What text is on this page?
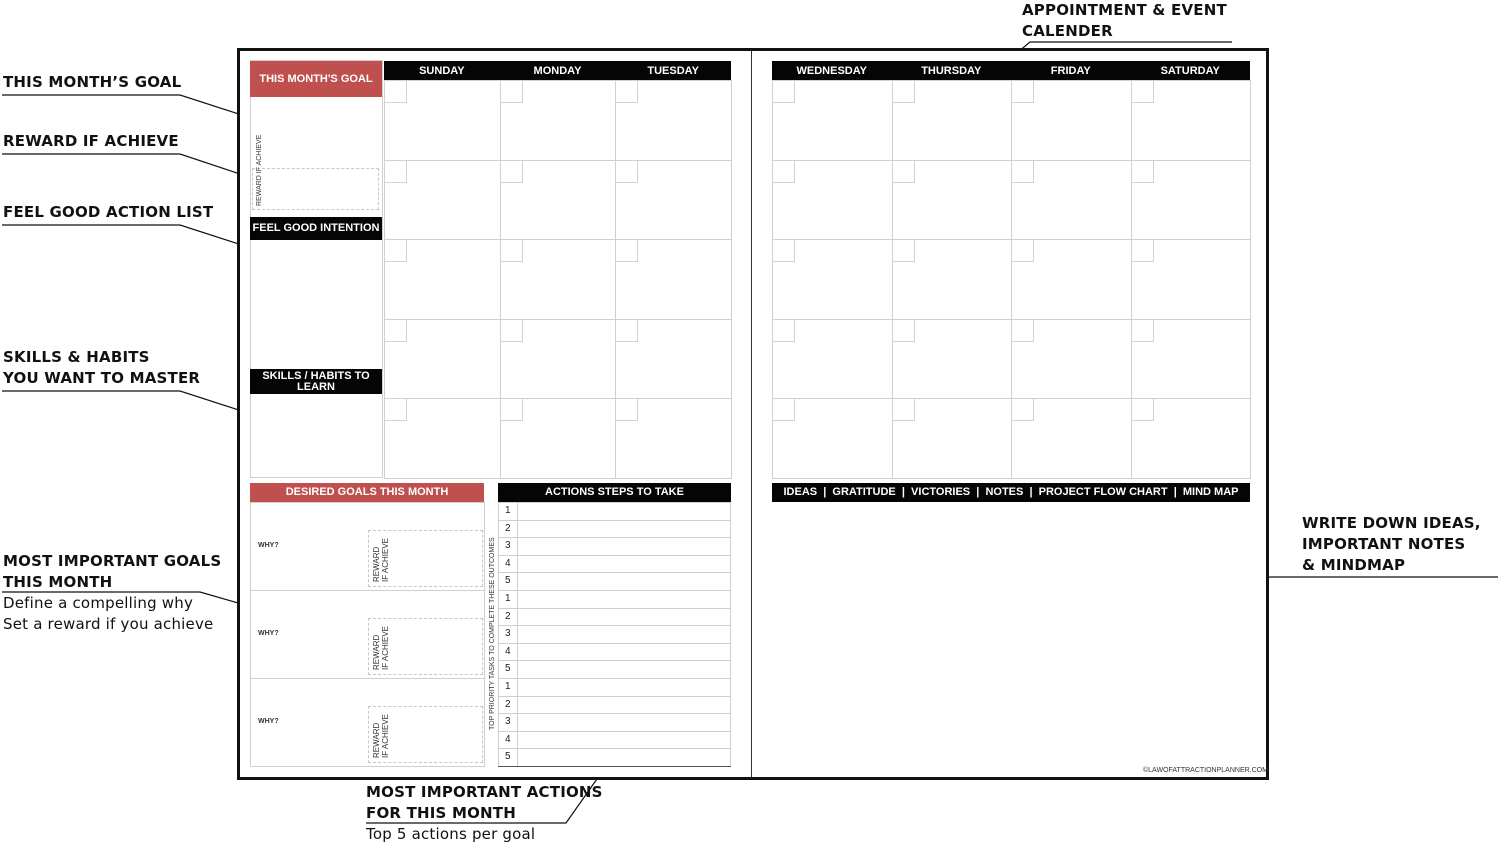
APPOINTMENT & EVENT
CALENDER
THIS MONTH’S GOAL
REWARD IF ACHIEVE
FEEL GOOD ACTION LIST
SKILLS & HABITS
YOU WANT TO MASTER
MOST IMPORTANT GOALS
THIS MONTH
Define a compelling why
Set a reward if you achieve
WRITE DOWN IDEAS,
IMPORTANT NOTES
& MINDMAP
MOST IMPORTANT ACTIONS
FOR THIS MONTH
Top 5 actions per goal
THIS MONTH'S GOAL
REWARD IF ACHIEVE
FEEL GOOD INTENTION
SKILLS / HABITS TO LEARN
SUNDAY	MONDAY	TUESDAY	WEDNESDAY	THURSDAY	FRIDAY	SATURDAY
DESIRED GOALS THIS MONTH
WHY?
REWARD IF ACHIEVE
WHY?
REWARD IF ACHIEVE
WHY?
REWARD IF ACHIEVE
ACTIONS STEPS TO TAKE
TOP PRIORITY TASKS TO COMPLETE THESE OUTCOMES
1
2
3
4
5
1
2
3
4
5
1
2
3
4
5
IDEAS  |  GRATITUDE  |  VICTORIES  |  NOTES  |  PROJECT FLOW CHART  |  MIND MAP
©LAWOFATTRACTIONPLANNER.COM
